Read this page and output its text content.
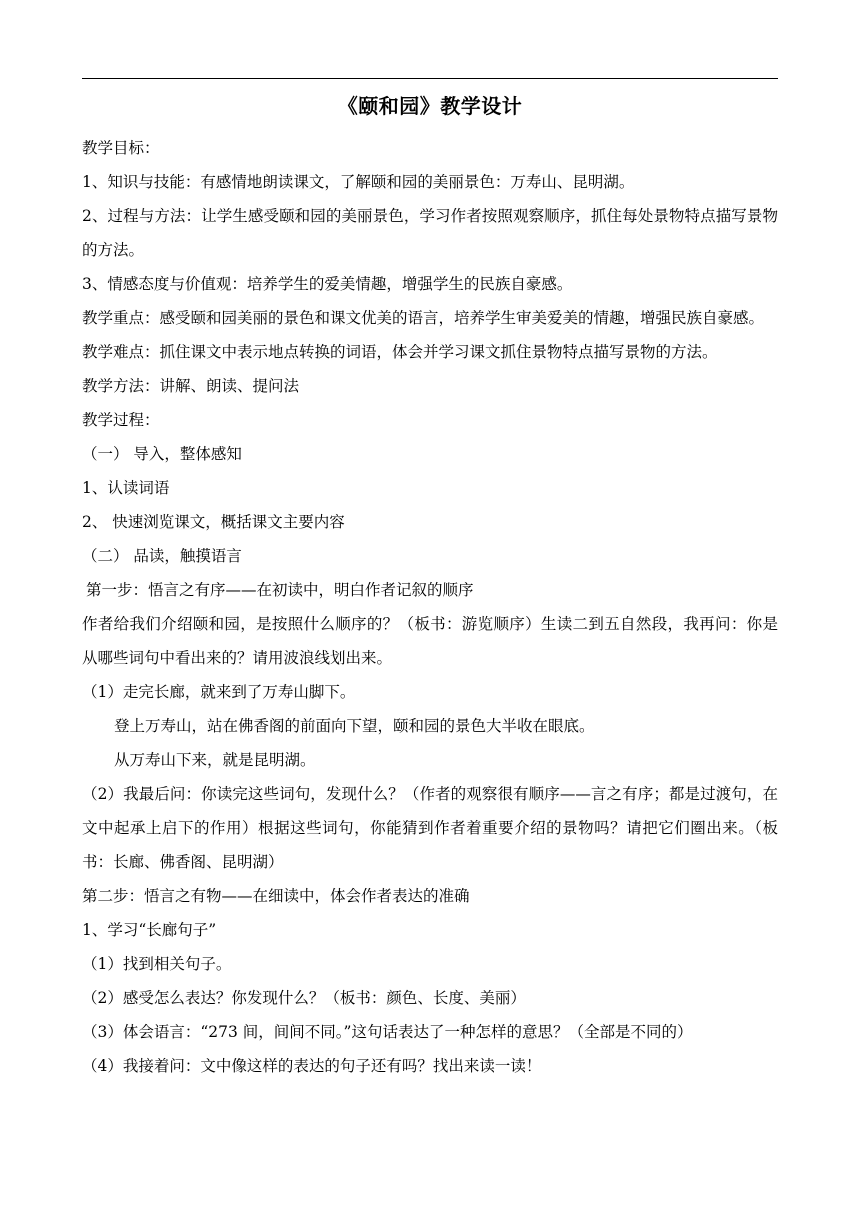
《颐和园》教学设计

教学目标：

1、知识与技能：有感情地朗读课文，了解颐和园的美丽景色：万寿山、昆明湖。

2、过程与方法：让学生感受颐和园的美丽景色，学习作者按照观察顺序，抓住每处景物特点描写景物的方法。

3、情感态度与价值观：培养学生的爱美情趣，增强学生的民族自豪感。

教学重点：感受颐和园美丽的景色和课文优美的语言，培养学生审美爱美的情趣，增强民族自豪感。

教学难点：抓住课文中表示地点转换的词语，体会并学习课文抓住景物特点描写景物的方法。

教学方法：讲解、朗读、提问法

教学过程：

（一） 导入，整体感知

1、认读词语

2、 快速浏览课文，概括课文主要内容

（二） 品读，触摸语言

第一步：悟言之有序——在初读中，明白作者记叙的顺序

作者给我们介绍颐和园，是按照什么顺序的？（板书：游览顺序）生读二到五自然段，我再问：你是从哪些词句中看出来的？请用波浪线划出来。

（1）走完长廊，就来到了万寿山脚下。

登上万寿山，站在佛香阁的前面向下望，颐和园的景色大半收在眼底。

从万寿山下来，就是昆明湖。

（2）我最后问：你读完这些词句，发现什么？（作者的观察很有顺序——言之有序；都是过渡句，在文中起承上启下的作用）根据这些词句，你能猜到作者着重要介绍的景物吗？请把它们圈出来。（板书：长廊、佛香阁、昆明湖）

第二步：悟言之有物——在细读中，体会作者表达的准确

1、学习“长廊句子”

（1）找到相关句子。

（2）感受怎么表达？你发现什么？（板书：颜色、长度、美丽）

（3）体会语言：“273 间，间间不同。”这句话表达了一种怎样的意思？（全部是不同的）

（4）我接着问：文中像这样的表达的句子还有吗？找出来读一读！
